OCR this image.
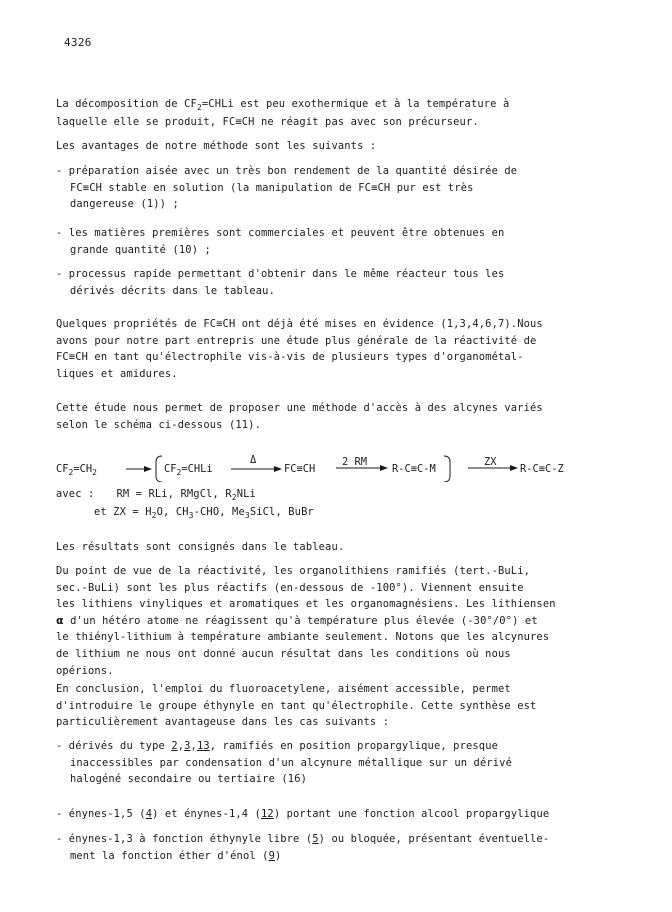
4326
La décomposition de $CF_2=CHLi$ est peu exothermique et à la température à
laquelle elle se produit, FC≡CH ne réagit pas avec son précurseur.
Les avantages de notre méthode sont les suivants :
- préparation aisée avec un très bon rendement de la quantité désirée de
FC≡CH stable en solution (la manipulation de FC≡CH pur est très
dangereuse (1)) ;
- les matières premières sont commerciales et peuvent être obtenues en
grande quantité (10) ;
- processus rapide permettant d'obtenir dans le même réacteur tous les
dérivés décrits dans le tableau.
Quelques propriétés de FC≡CH ont déjà été mises en évidence (1,3,4,6,7).Nous
avons pour notre part entrepris une étude plus générale de la réactivité de
FC≡CH en tant qu'électrophile vis-à-vis de plusieurs types d'organométal-
liques et amidures.
Cette étude nous permet de proposer une méthode d'accès à des alcynes variés
selon le schéma ci-dessous (11).
$CF_2=CH_2$	$CF_2=CHLi$
Δ
FC≡CH
2 RM
R-C≡C-M
ZX
R-C≡C-Z
avec : RM = RLi, RMgCl, $R_2NLi$
et ZX = $H_2O$, $CH_3$-CHO, $Me_3SiCl$, BuBr
Les résultats sont consignés dans le tableau.
Du point de vue de la réactivité, les organolithiens ramifiés (tert.-BuLi,
sec.-BuLi) sont les plus réactifs (en-dessous de -100°). Viennent ensuite
les lithiens vinyliques et aromatiques et les organomagnésiens. Les lithiensen
α d'un hétéro atome ne réagissent qu'à température plus élevée (-30°/0°) et
le thiényl-lithium à température ambiante seulement. Notons que les alcynures
de lithium ne nous ont donné aucun résultat dans les conditions où nous
opérions.
En conclusion, l'emploi du fluoroacetylene, aisément accessible, permet
d'introduire le groupe éthynyle en tant qu'électrophile. Cette synthèse est
particulièrement avantageuse dans les cas suivants :
- dérivés du type 2,3,13, ramifiés en position propargylique, presque
inaccessibles par condensation d'un alcynure métallique sur un dérivé
halogéné secondaire ou tertiaire (16)
- énynes-1,5 (4) et énynes-1,4 (12) portant une fonction alcool propargylique
- énynes-1,3 à fonction éthynyle libre (5) ou bloquée, présentant éventuelle-
ment la fonction éther d'énol (9)
